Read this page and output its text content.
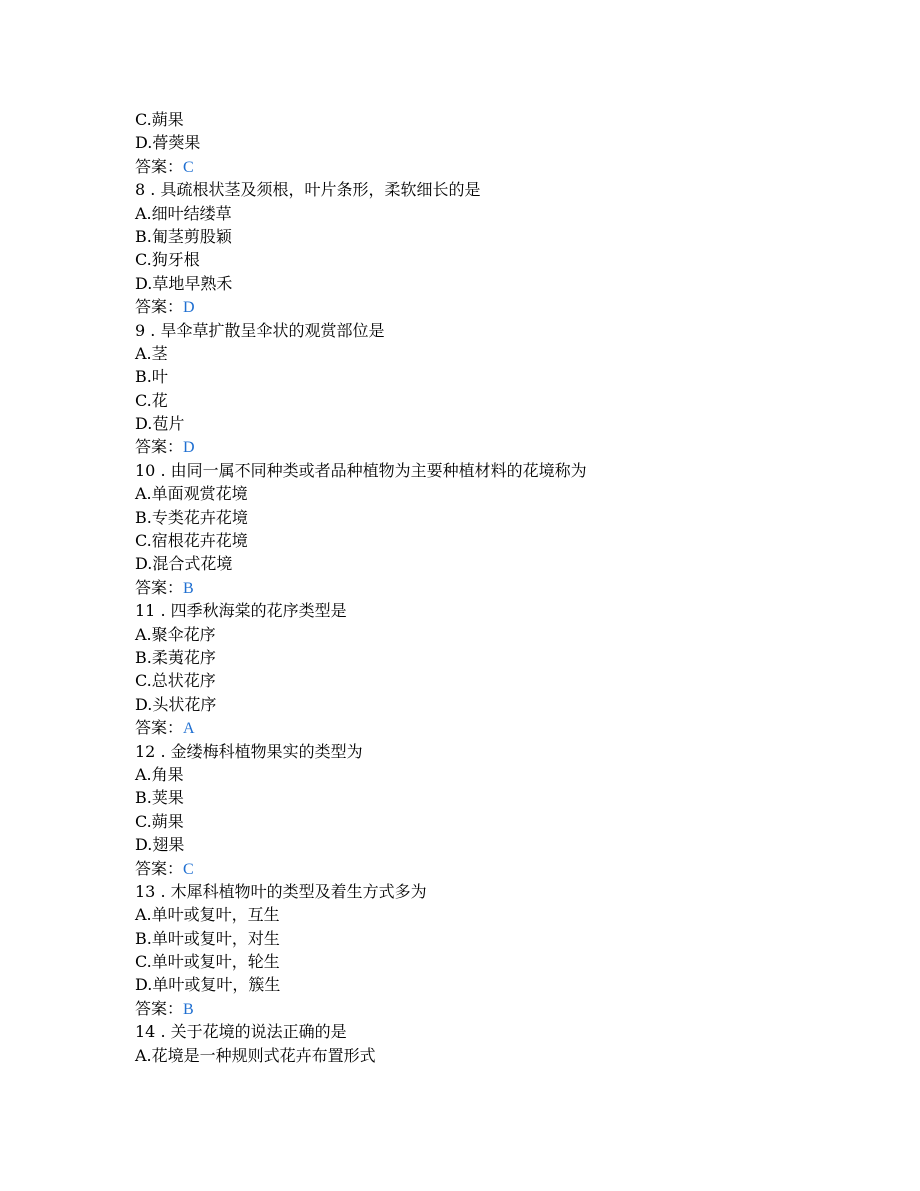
C.蒴果
D.蓇葖果
答案：C
8 . 具疏根状茎及须根，叶片条形，柔软细长的是
A.细叶结缕草
B.匍茎剪股颖
C.狗牙根
D.草地早熟禾
答案：D
9 . 旱伞草扩散呈伞状的观赏部位是
A.茎
B.叶
C.花
D.苞片
答案：D
10 . 由同一属不同种类或者品种植物为主要种植材料的花境称为
A.单面观赏花境
B.专类花卉花境
C.宿根花卉花境
D.混合式花境
答案：B
11 . 四季秋海棠的花序类型是
A.聚伞花序
B.柔荑花序
C.总状花序
D.头状花序
答案：A
12 . 金缕梅科植物果实的类型为
A.角果
B.荚果
C.蒴果
D.翅果
答案：C
13 . 木犀科植物叶的类型及着生方式多为
A.单叶或复叶，互生
B.单叶或复叶，对生
C.单叶或复叶，轮生
D.单叶或复叶，簇生
答案：B
14 . 关于花境的说法正确的是
A.花境是一种规则式花卉布置形式
